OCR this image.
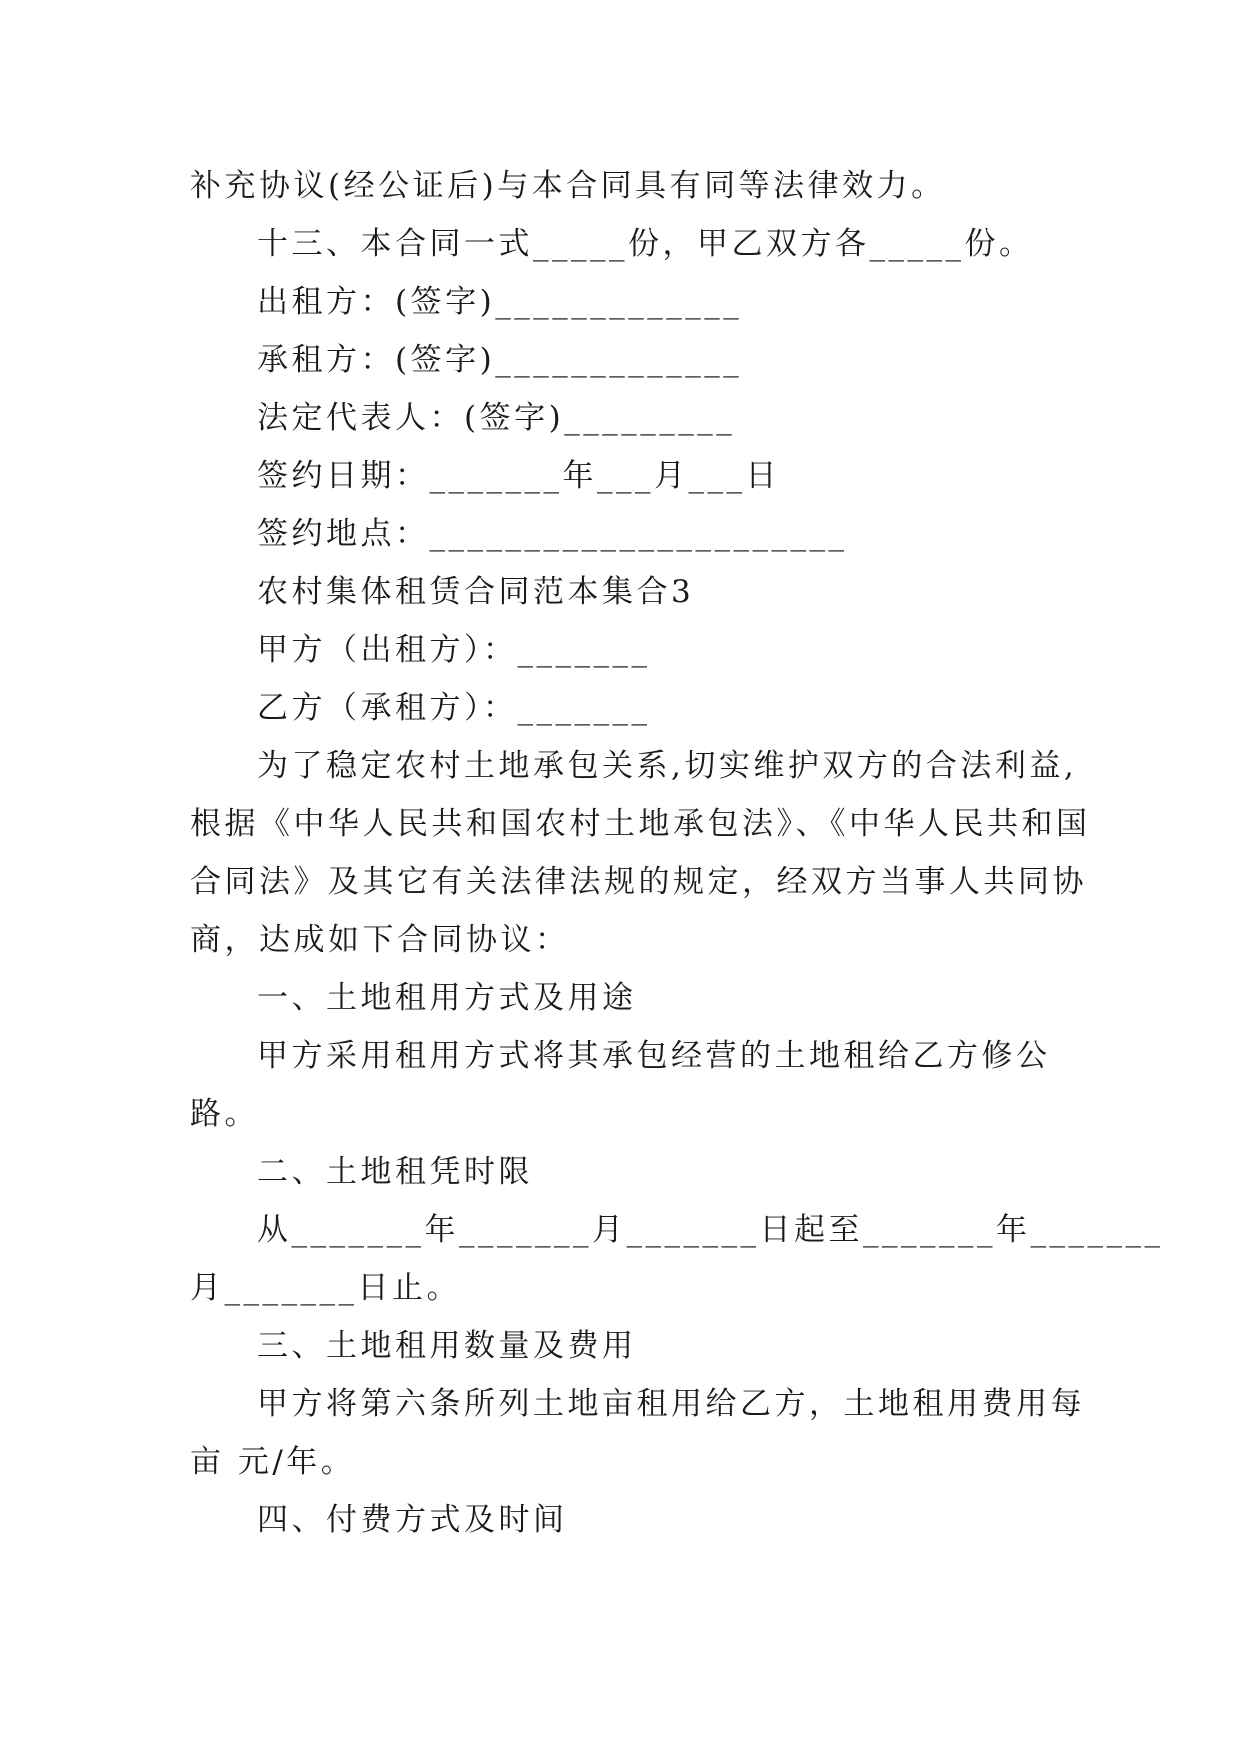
补充协议(经公证后)与本合同具有同等法律效力。
十三、本合同一式_____份，甲乙双方各_____份。
出租方：(签字)_____________
承租方：(签字)_____________
法定代表人：(签字)_________
签约日期：_______年___月___日
签约地点：______________________
农村集体租赁合同范本集合3
甲方（出租方）：_______
乙方（承租方）：_______
为了稳定农村土地承包关系,切实维护双方的合法利益,
根据《中华人民共和国农村土地承包法》、《中华人民共和国
合同法》及其它有关法律法规的规定，经双方当事人共同协
商，达成如下合同协议：
一、土地租用方式及用途
甲方采用租用方式将其承包经营的土地租给乙方修公
路。
二、土地租凭时限
从_______年_______月_______日起至_______年_______
月_______日止。
三、土地租用数量及费用
甲方将第六条所列土地亩租用给乙方，土地租用费用每
亩 元/年。
四、付费方式及时间
